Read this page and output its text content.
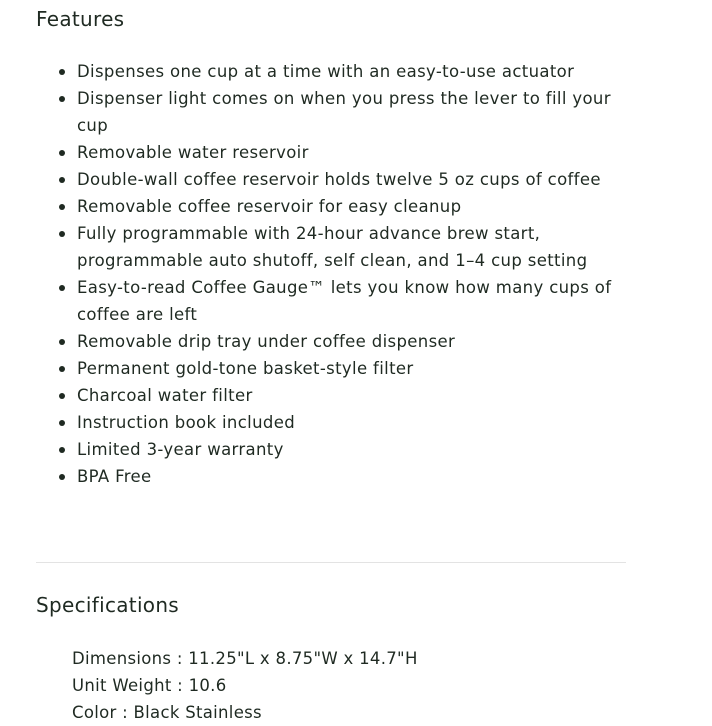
Features
Dispenses one cup at a time with an easy-to-use actuator
Dispenser light comes on when you press the lever to fill your cup
Removable water reservoir
Double-wall coffee reservoir holds twelve 5 oz cups of coffee
Removable coffee reservoir for easy cleanup
Fully programmable with 24-hour advance brew start, programmable auto shutoff, self clean, and 1–4 cup setting
Easy-to-read Coffee Gauge™ lets you know how many cups of coffee are left
Removable drip tray under coffee dispenser
Permanent gold-tone basket-style filter
Charcoal water filter
Instruction book included
Limited 3-year warranty
BPA Free
Specifications
Dimensions : 11.25"L x 8.75"W x 14.7"H
Unit Weight : 10.6
Color : Black Stainless
